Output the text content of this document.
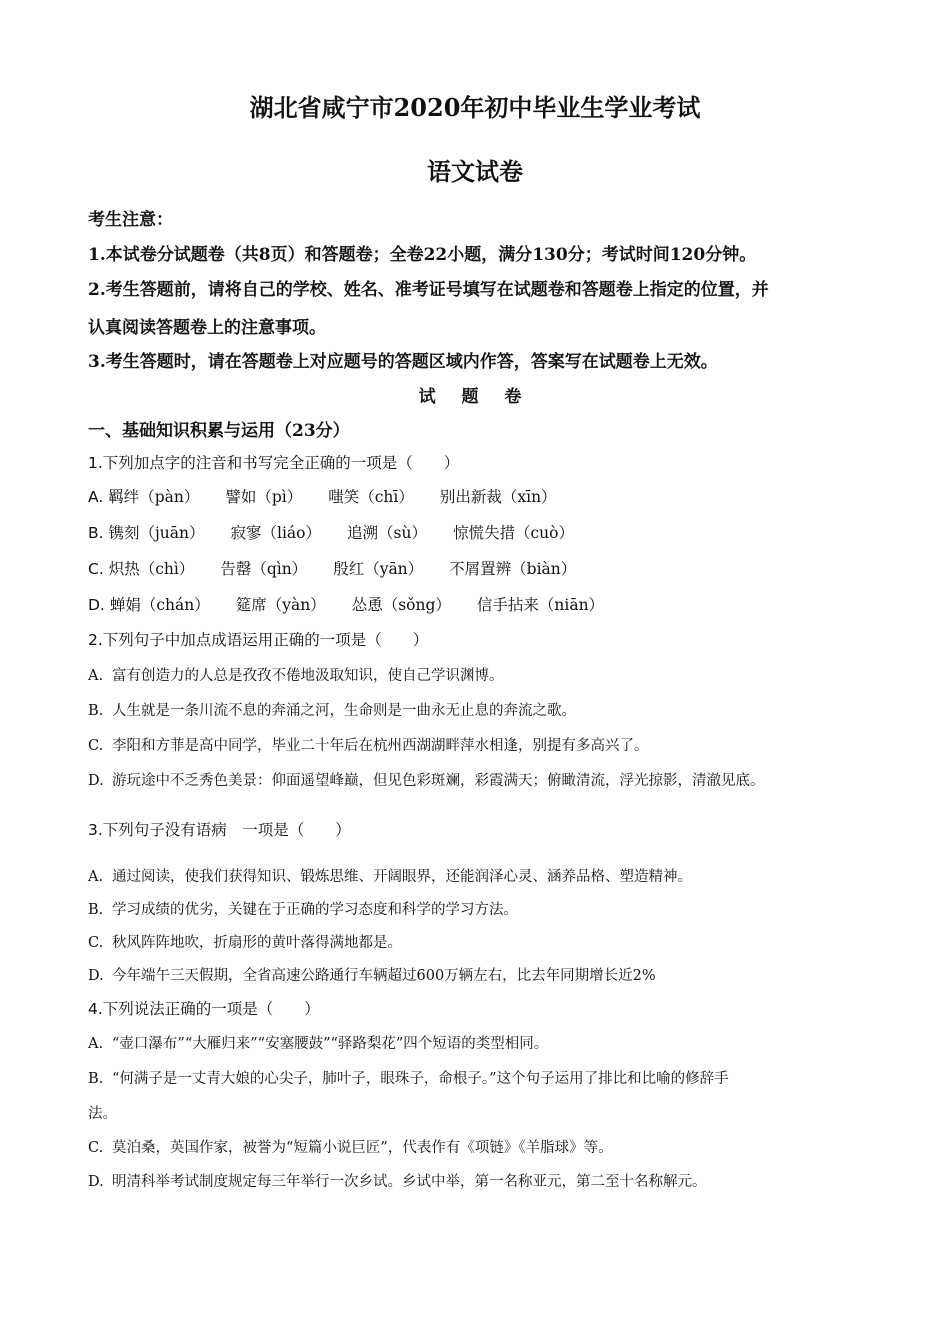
湖北省咸宁市2020年初中毕业生学业考试
语文试卷
考生注意：
1.本试卷分试题卷（共8页）和答题卷；全卷22小题，满分130分；考试时间120分钟。
2.考生答题前，请将自己的学校、姓名、准考证号填写在试题卷和答题卷上指定的位置，并
认真阅读答题卷上的注意事项。
3.考生答题时，请在答题卷上对应题号的答题区域内作答，答案写在试题卷上无效。
试 题 卷
一、基础知识积累与运用（23分）
1.下列加点字的注音和书写完全正确的一项是（　　）
A. 羁绊（pàn） 譬如（pì） 嗤笑（chī） 别出新裁（xīn）
B. 镌刻（juān） 寂寥（liáo） 追溯（sù） 惊慌失措（cuò）
C. 炽热（chì） 告罄（qìn） 殷红（yān） 不屑置辨（biàn）
D. 蝉娟（chán） 筵席（yàn） 怂恿（sǒng） 信手拈来（niān）
2.下列句子中加点成语运用正确的一项是（　　）
A. 富有创造力的人总是孜孜不倦地汲取知识，使自己学识渊博。
B. 人生就是一条川流不息的奔涌之河，生命则是一曲永无止息的奔流之歌。
C. 李阳和方菲是高中同学，毕业二十年后在杭州西湖湖畔萍水相逢，别提有多高兴了。
D. 游玩途中不乏秀色美景：仰面遥望峰巅，但见色彩斑斓，彩霞满天；俯瞰清流，浮光掠影，清澈见底。
3.下列句子没有语病　一项是（　　）
A. 通过阅读，使我们获得知识、锻炼思维、开阔眼界，还能润泽心灵、涵养品格、塑造精神。
B. 学习成绩的优劣，关键在于正确的学习态度和科学的学习方法。
C. 秋风阵阵地吹，折扇形的黄叶落得满地都是。
D. 今年端午三天假期，全省高速公路通行车辆超过600万辆左右，比去年同期增长近2%
4.下列说法正确的一项是（　　）
A. “壶口瀑布”“大雁归来”“安塞腰鼓”“驿路梨花”四个短语的类型相同。
B. “何满子是一丈青大娘的心尖子，肺叶子，眼珠子，命根子。”这个句子运用了排比和比喻的修辞手
法。
C. 莫泊桑，英国作家，被誉为“短篇小说巨匠”，代表作有《项链》《羊脂球》等。
D. 明清科举考试制度规定每三年举行一次乡试。乡试中举，第一名称亚元，第二至十名称解元。
